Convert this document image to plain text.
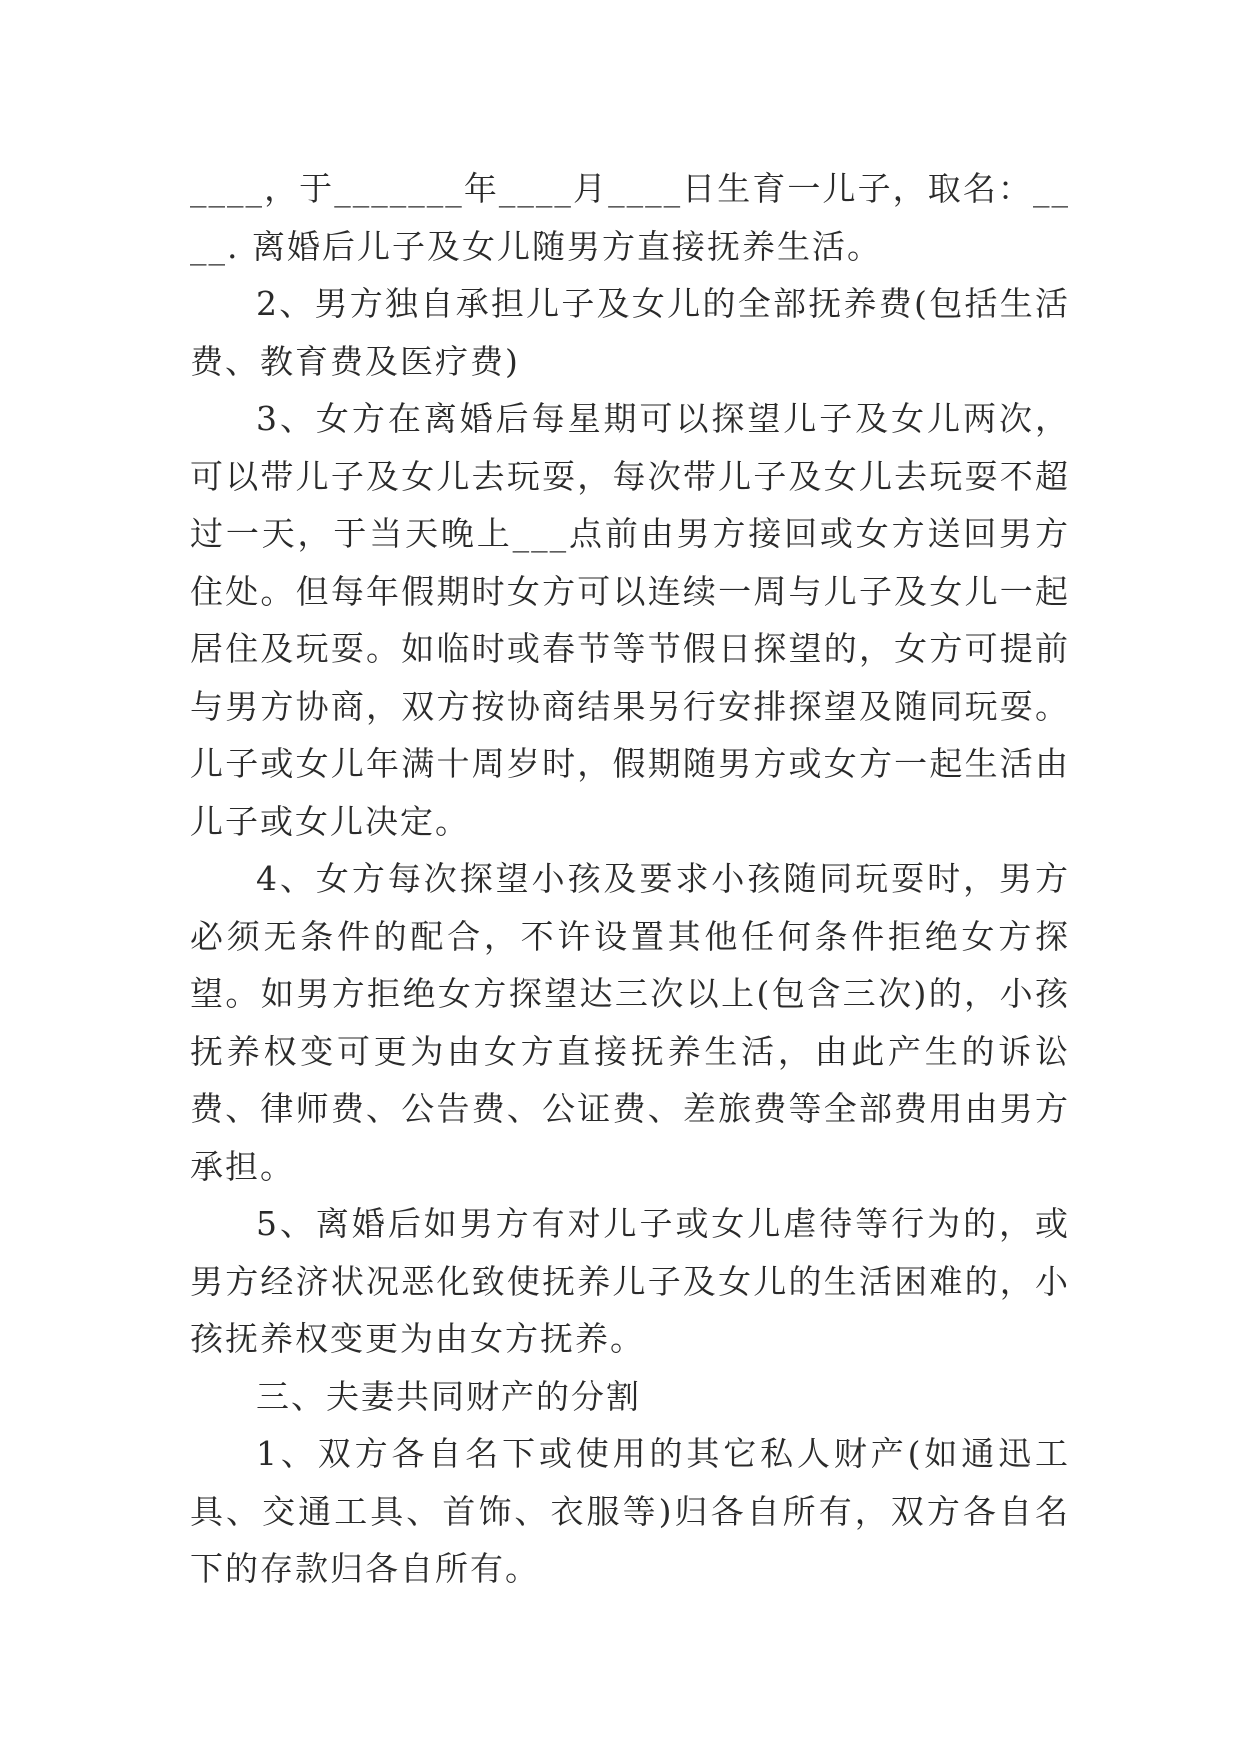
____，于_______年____月____日生育一儿子，取名：____. 离婚后儿子及女儿随男方直接抚养生活。

2、男方独自承担儿子及女儿的全部抚养费(包括生活费、教育费及医疗费)

3、女方在离婚后每星期可以探望儿子及女儿两次，可以带儿子及女儿去玩耍，每次带儿子及女儿去玩耍不超过一天，于当天晚上___点前由男方接回或女方送回男方住处。但每年假期时女方可以连续一周与儿子及女儿一起居住及玩耍。如临时或春节等节假日探望的，女方可提前与男方协商，双方按协商结果另行安排探望及随同玩耍。儿子或女儿年满十周岁时，假期随男方或女方一起生活由儿子或女儿决定。

4、女方每次探望小孩及要求小孩随同玩耍时，男方必须无条件的配合，不许设置其他任何条件拒绝女方探望。如男方拒绝女方探望达三次以上(包含三次)的，小孩抚养权变可更为由女方直接抚养生活，由此产生的诉讼费、律师费、公告费、公证费、差旅费等全部费用由男方承担。

5、离婚后如男方有对儿子或女儿虐待等行为的，或男方经济状况恶化致使抚养儿子及女儿的生活困难的，小孩抚养权变更为由女方抚养。

三、夫妻共同财产的分割

1、双方各自名下或使用的其它私人财产(如通迅工具、交通工具、首饰、衣服等)归各自所有，双方各自名下的存款归各自所有。
